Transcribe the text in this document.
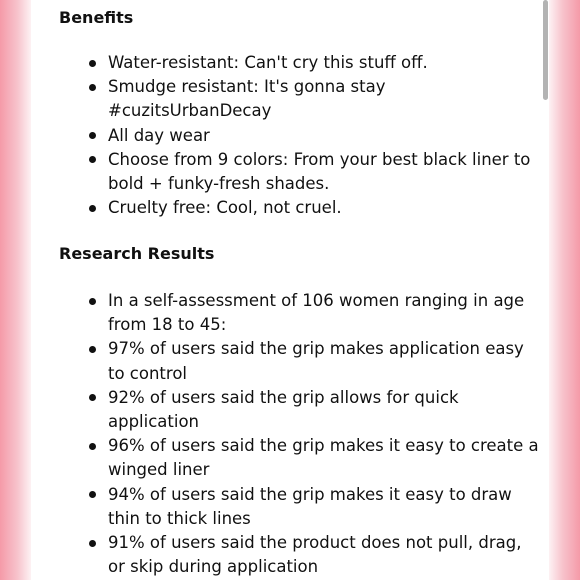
Benefits
Water-resistant: Can't cry this stuff off.
Smudge resistant: It's gonna stay #cuzitsUrbanDecay
All day wear
Choose from 9 colors: From your best black liner to bold + funky-fresh shades.
Cruelty free: Cool, not cruel.
Research Results
In a self-assessment of 106 women ranging in age from 18 to 45:
97% of users said the grip makes application easy to control
92% of users said the grip allows for quick application
96% of users said the grip makes it easy to create a winged liner
94% of users said the grip makes it easy to draw thin to thick lines
91% of users said the product does not pull, drag, or skip during application
